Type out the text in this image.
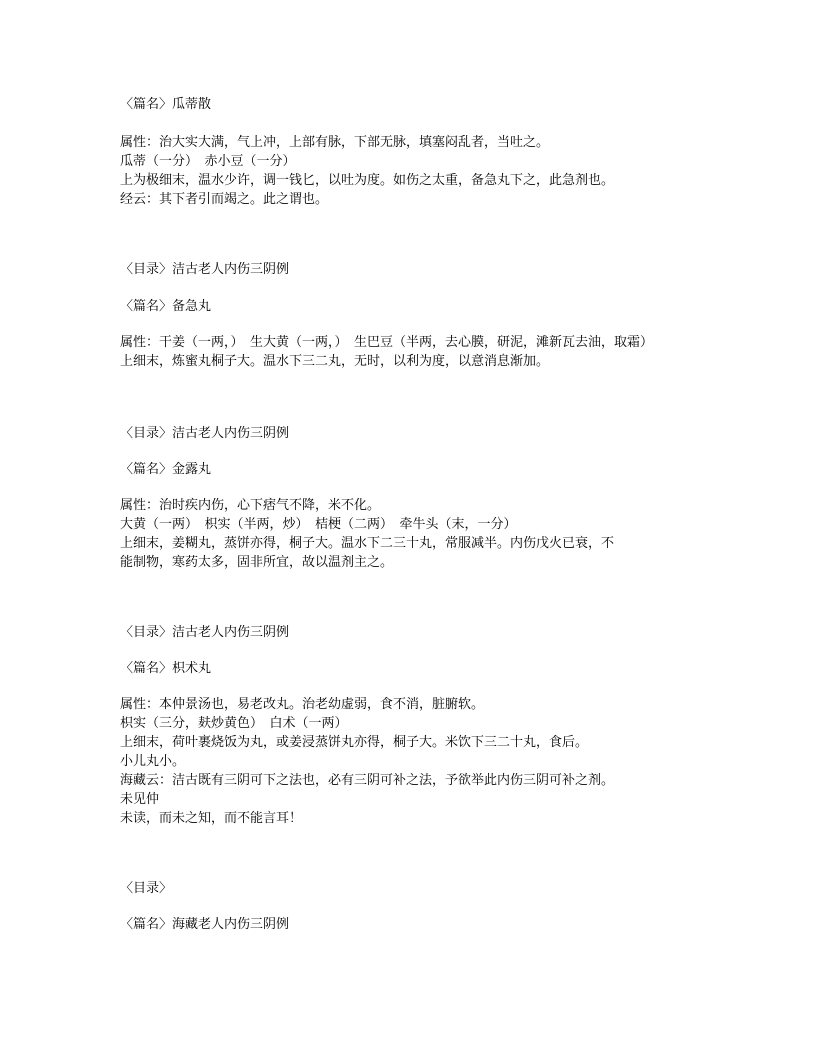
〈篇名〉瓜蒂散
属性：治大实大满，气上冲，上部有脉，下部无脉，填塞闷乱者，当吐之。
瓜蒂（一分）　赤小豆（一分）
上为极细末，温水少许，调一钱匕，以吐为度。如伤之太重，备急丸下之，此急剂也。
经云：其下者引而竭之。此之谓也。
〈目录〉洁古老人内伤三阴例
〈篇名〉备急丸
属性：干姜（一两，）　生大黄（一两，）　生巴豆（半两，去心膜，研泥，滩新瓦去油，取霜）
上细末，炼蜜丸桐子大。温水下三二丸，无时，以利为度，以意消息渐加。
〈目录〉洁古老人内伤三阴例
〈篇名〉金露丸
属性：治时疾内伤，心下痞气不降，米不化。
大黄（一两）　枳实（半两，炒）　桔梗（二两）　牵牛头（末，一分）
上细末，姜糊丸，蒸饼亦得，桐子大。温水下二三十丸，常服减半。内伤戊火已衰，不
能制物，寒药太多，固非所宜，故以温剂主之。
〈目录〉洁古老人内伤三阴例
〈篇名〉枳术丸
属性：本仲景汤也，易老改丸。治老幼虚弱，食不消，脏腑软。
枳实（三分，麸炒黄色）　白术（一两）
上细末，荷叶裹烧饭为丸，或姜浸蒸饼丸亦得，桐子大。米饮下三二十丸，食后。
小儿丸小。
海藏云：洁古既有三阴可下之法也，必有三阴可补之法，予欲举此内伤三阴可补之剂。
未见仲
未读，而未之知，而不能言耳！
〈目录〉
〈篇名〉海藏老人内伤三阴例
